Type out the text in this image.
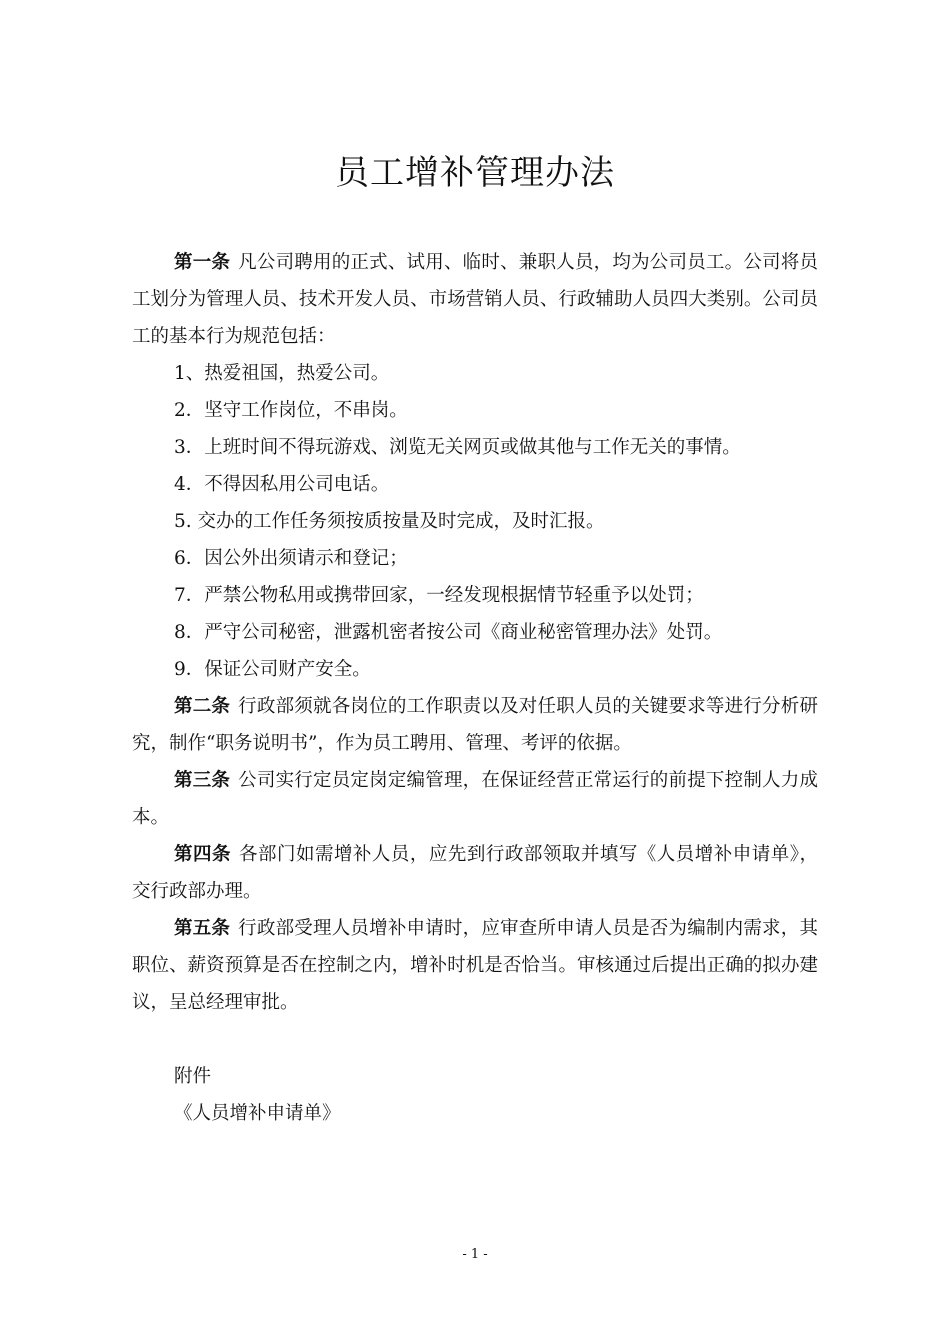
员工增补管理办法

第一条 凡公司聘用的正式、试用、临时、兼职人员，均为公司员工。公司将员工划分为管理人员、技术开发人员、市场营销人员、行政辅助人员四大类别。公司员工的基本行为规范包括：

1、热爱祖国，热爱公司。

2．坚守工作岗位，不串岗。

3．上班时间不得玩游戏、浏览无关网页或做其他与工作无关的事情。

4．不得因私用公司电话。

5. 交办的工作任务须按质按量及时完成，及时汇报。

6．因公外出须请示和登记；

7．严禁公物私用或携带回家，一经发现根据情节轻重予以处罚；

8．严守公司秘密，泄露机密者按公司《商业秘密管理办法》处罚。

9．保证公司财产安全。

第二条 行政部须就各岗位的工作职责以及对任职人员的关键要求等进行分析研究，制作“职务说明书”，作为员工聘用、管理、考评的依据。

第三条 公司实行定员定岗定编管理，在保证经营正常运行的前提下控制人力成本。

第四条 各部门如需增补人员，应先到行政部领取并填写《人员增补申请单》，交行政部办理。

第五条 行政部受理人员增补申请时，应审查所申请人员是否为编制内需求，其职位、薪资预算是否在控制之内，增补时机是否恰当。审核通过后提出正确的拟办建议，呈总经理审批。

附件

《人员增补申请单》

- 1 -
